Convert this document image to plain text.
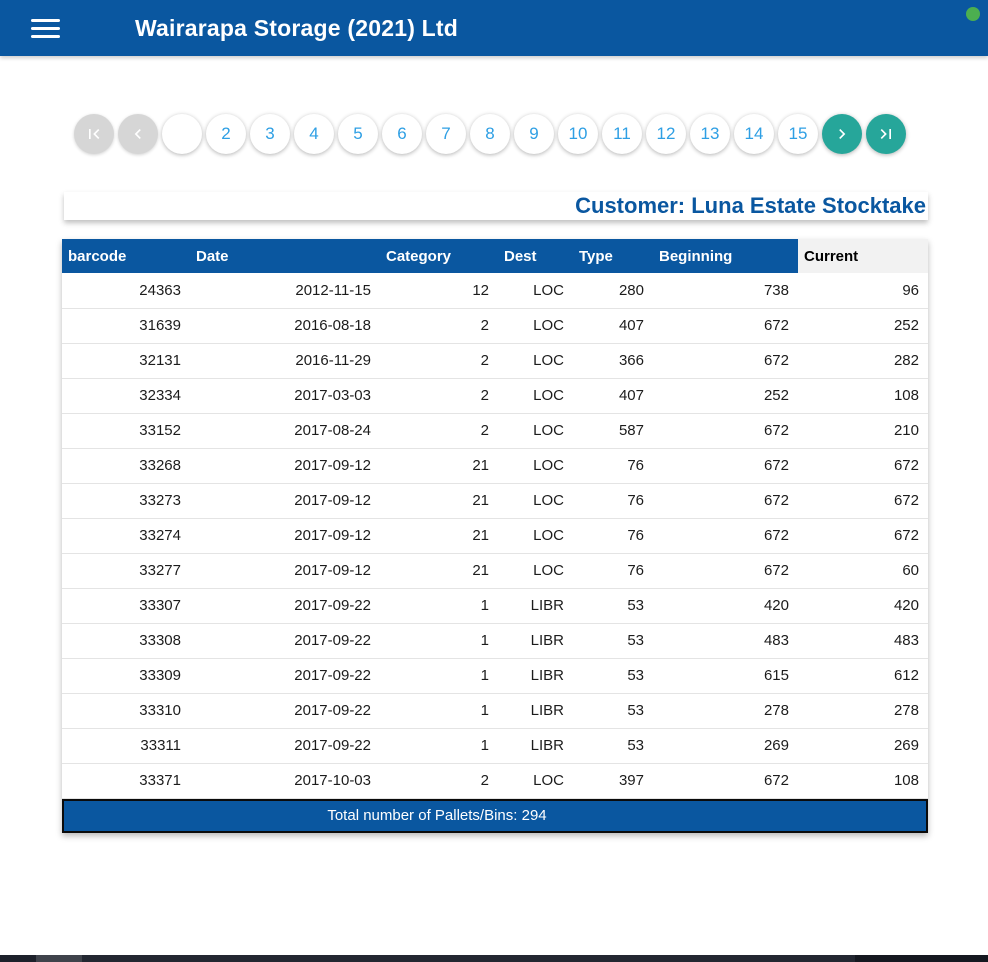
Wairarapa Storage (2021) Ltd
1	2	3	4	5	6	7	8	9	10	11	12	13	14	15
Customer: Luna Estate Stocktake
barcode	Date	Category	Dest	Type	Beginning	Current
24363	2012-11-15	12	LOC	280	738	96
31639	2016-08-18	2	LOC	407	672	252
32131	2016-11-29	2	LOC	366	672	282
32334	2017-03-03	2	LOC	407	252	108
33152	2017-08-24	2	LOC	587	672	210
33268	2017-09-12	21	LOC	76	672	672
33273	2017-09-12	21	LOC	76	672	672
33274	2017-09-12	21	LOC	76	672	672
33277	2017-09-12	21	LOC	76	672	60
33307	2017-09-22	1	LIBR	53	420	420
33308	2017-09-22	1	LIBR	53	483	483
33309	2017-09-22	1	LIBR	53	615	612
33310	2017-09-22	1	LIBR	53	278	278
33311	2017-09-22	1	LIBR	53	269	269
33371	2017-10-03	2	LOC	397	672	108
Total number of Pallets/Bins: 294
